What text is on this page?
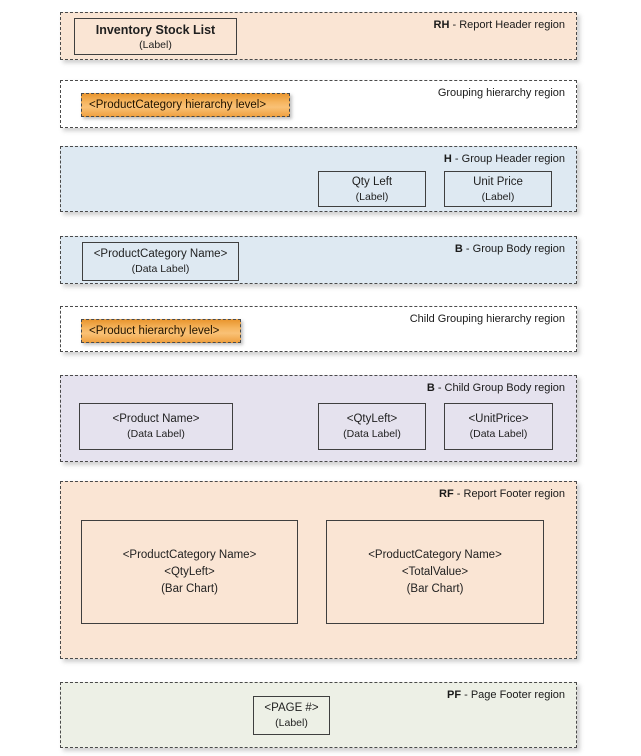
RH - Report Header region
Inventory Stock List
(Label)
Grouping hierarchy region
<ProductCategory hierarchy level>
H - Group Header region
Qty Left
(Label)
Unit Price
(Label)
B - Group Body region
<ProductCategory Name>
(Data Label)
Child Grouping hierarchy region
<Product hierarchy level>
B - Child Group Body region
<Product Name>
(Data Label)
<QtyLeft>
(Data Label)
<UnitPrice>
(Data Label)
RF - Report Footer region
<ProductCategory Name>
<QtyLeft>
(Bar Chart)
<ProductCategory Name>
<TotalValue>
(Bar Chart)
PF - Page Footer region
<PAGE #>
(Label)
